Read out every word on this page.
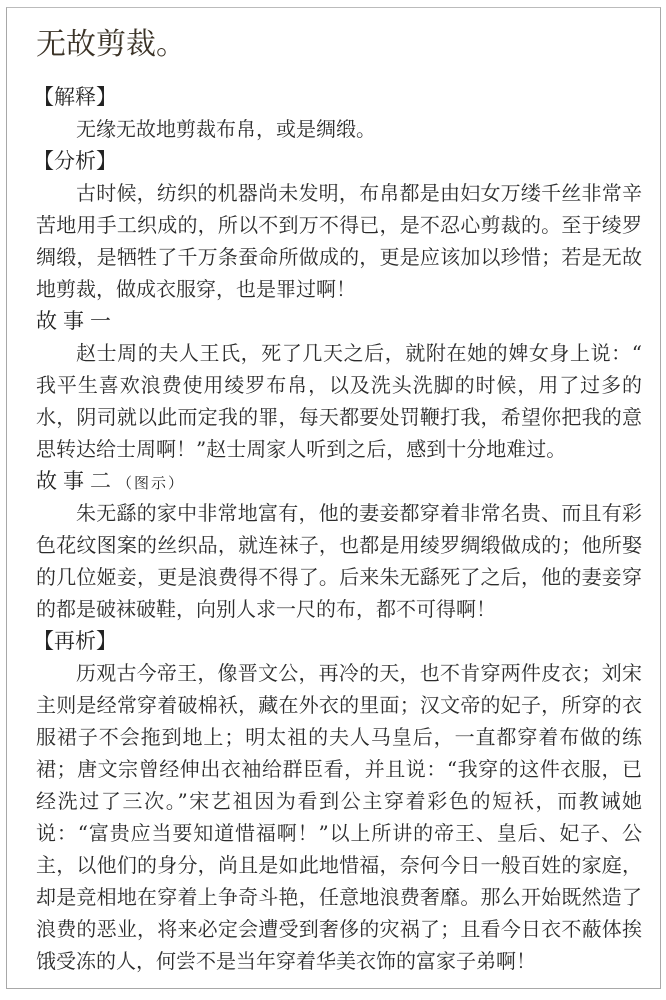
无故剪裁。
【解释】
无缘无故地剪裁布帛，或是绸缎。
【分析】
古时候，纺织的机器尚未发明，布帛都是由妇女万缕千丝非常辛
苦地用手工织成的，所以不到万不得已，是不忍心剪裁的。至于绫罗
绸缎，是牺牲了千万条蚕命所做成的，更是应该加以珍惜；若是无故
地剪裁，做成衣服穿，也是罪过啊！
故事一
赵士周的夫人王氏，死了几天之后，就附在她的婢女身上说：“
我平生喜欢浪费使用绫罗布帛，以及洗头洗脚的时候，用了过多的
水，阴司就以此而定我的罪，每天都要处罚鞭打我，希望你把我的意
思转达给士周啊！”赵士周家人听到之后，感到十分地难过。
故事二（图示）
朱无繇的家中非常地富有，他的妻妾都穿着非常名贵、而且有彩
色花纹图案的丝织品，就连袜子，也都是用绫罗绸缎做成的；他所娶
的几位姬妾，更是浪费得不得了。后来朱无繇死了之后，他的妻妾穿
的都是破袜破鞋，向别人求一尺的布，都不可得啊！
【再析】
历观古今帝王，像晋文公，再冷的天，也不肯穿两件皮衣；刘宋
主则是经常穿着破棉袄，藏在外衣的里面；汉文帝的妃子，所穿的衣
服裙子不会拖到地上；明太祖的夫人马皇后，一直都穿着布做的练
裙；唐文宗曾经伸出衣袖给群臣看，并且说：“我穿的这件衣服，已
经洗过了三次。”宋艺祖因为看到公主穿着彩色的短袄，而教诫她
说：“富贵应当要知道惜福啊！”以上所讲的帝王、皇后、妃子、公
主，以他们的身分，尚且是如此地惜福，奈何今日一般百姓的家庭，
却是竞相地在穿着上争奇斗艳，任意地浪费奢靡。那么开始既然造了
浪费的恶业，将来必定会遭受到奢侈的灾祸了；且看今日衣不蔽体挨
饿受冻的人，何尝不是当年穿着华美衣饰的富家子弟啊！
